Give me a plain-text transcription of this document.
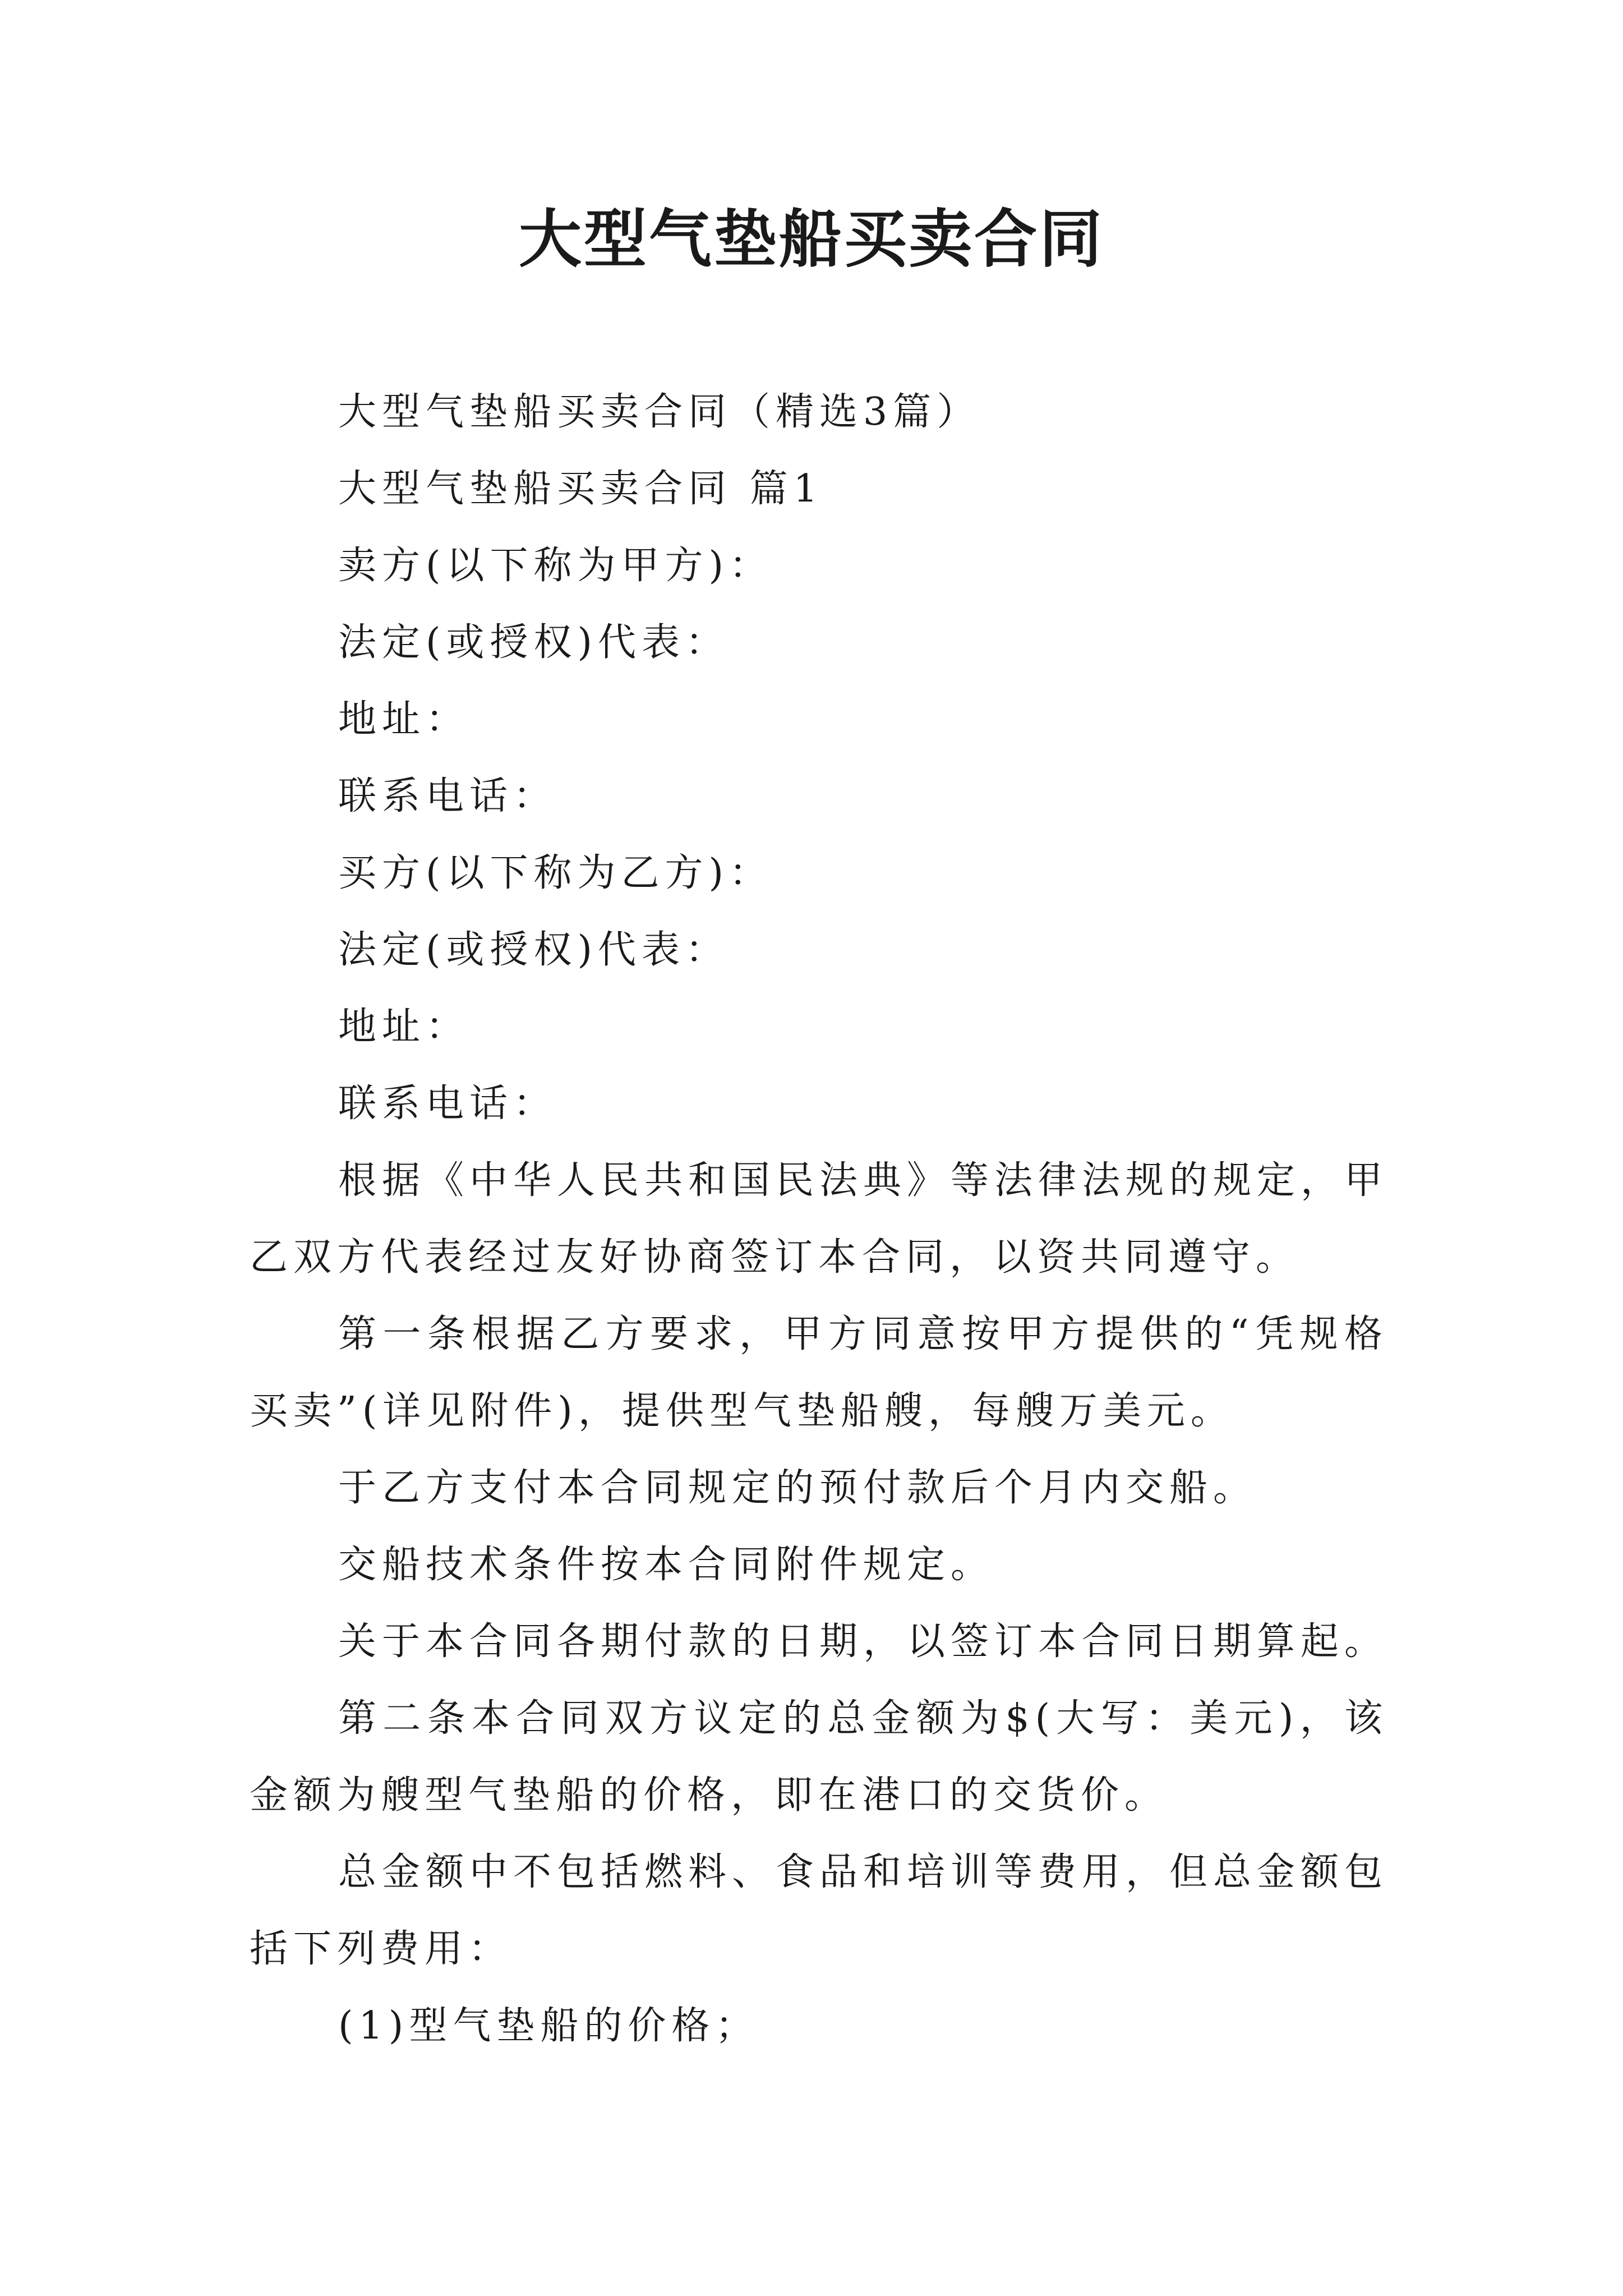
大型气垫船买卖合同

大型气垫船买卖合同（精选3篇）

大型气垫船买卖合同 篇1

卖方(以下称为甲方)：

法定(或授权)代表：

地址：

联系电话：

买方(以下称为乙方)：

法定(或授权)代表：

地址：

联系电话：

根据《中华人民共和国民法典》等法律法规的规定，甲乙双方代表经过友好协商签订本合同，以资共同遵守。

第一条根据乙方要求，甲方同意按甲方提供的“凭规格买卖”(详见附件)，提供型气垫船艘，每艘万美元。

于乙方支付本合同规定的预付款后个月内交船。

交船技术条件按本合同附件规定。

关于本合同各期付款的日期，以签订本合同日期算起。

第二条本合同双方议定的总金额为$(大写：美元)，该金额为艘型气垫船的价格，即在港口的交货价。

总金额中不包括燃料、食品和培训等费用，但总金额包括下列费用：

(1)型气垫船的价格；
